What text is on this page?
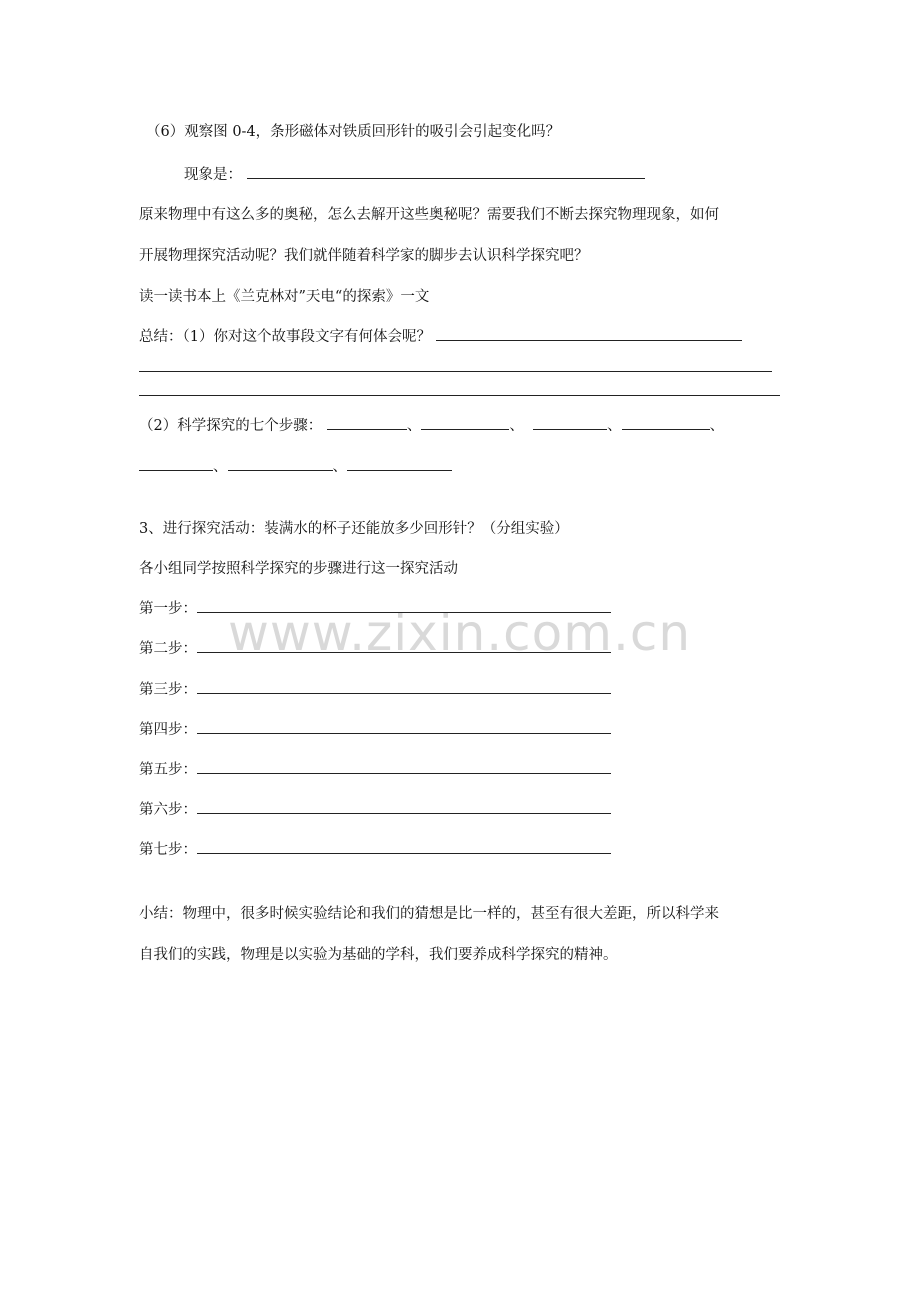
www.zixin.com.cn
（6）观察图 0-4，条形磁体对铁质回形针的吸引会引起变化吗？
现象是：
原来物理中有这么多的奥秘，怎么去解开这些奥秘呢？需要我们不断去探究物理现象，如何
开展物理探究活动呢？我们就伴随着科学家的脚步去认识科学探究吧？
读一读书本上《兰克林对”天电“的探索》一文
总结：（1）你对这个故事段文字有何体会呢？
（2）科学探究的七个步骤：	、	、	、	、
、	、
3、进行探究活动：装满水的杯子还能放多少回形针？（分组实验）
各小组同学按照科学探究的步骤进行这一探究活动
第一步：
第二步：
第三步：
第四步：
第五步：
第六步：
第七步：
小结：物理中，很多时候实验结论和我们的猜想是比一样的，甚至有很大差距，所以科学来
自我们的实践，物理是以实验为基础的学科，我们要养成科学探究的精神。
